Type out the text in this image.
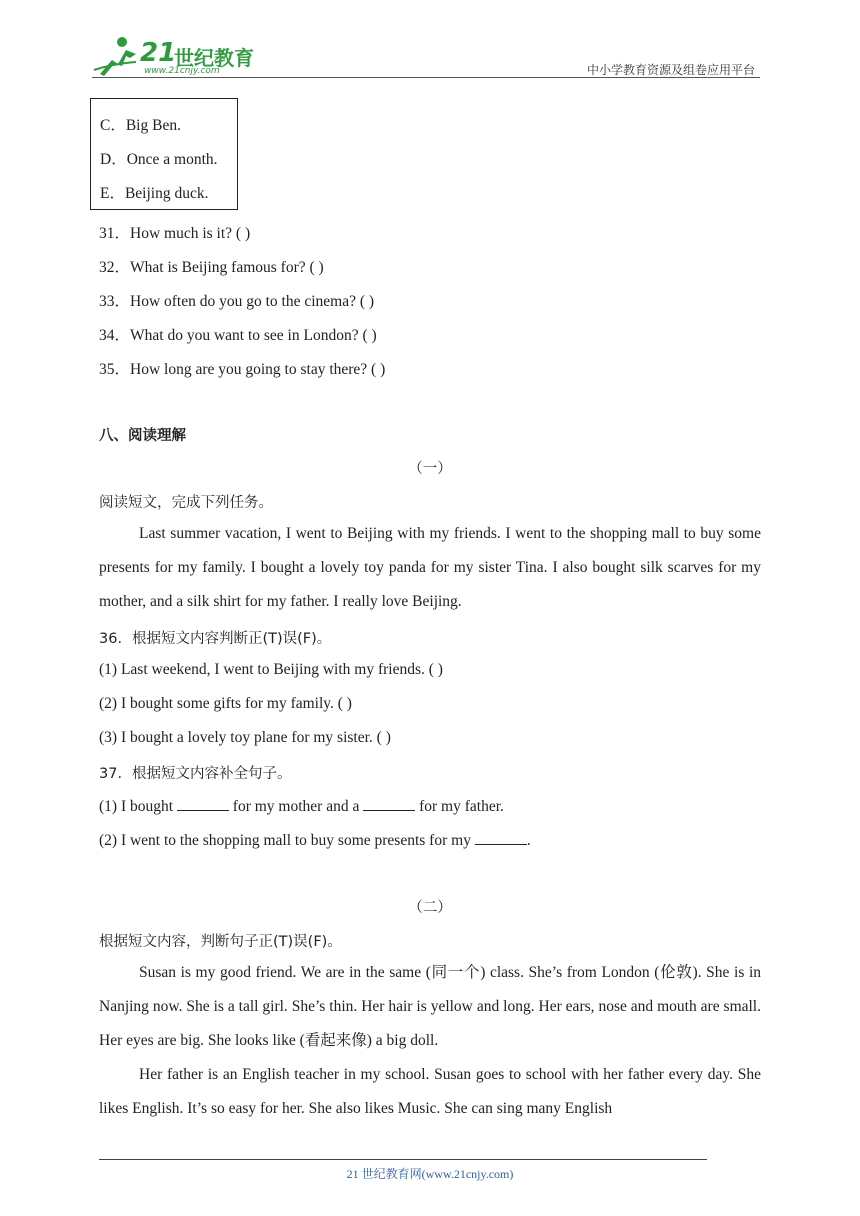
21
世纪教育
www.21cnjy.com	中小学教育资源及组卷应用平台
C．Big Ben.
D．Once a month.
E．Beijing duck.
31．How much is it? ( )
32．What is Beijing famous for? ( )
33．How often do you go to the cinema? ( )
34．What do you want to see in London? ( )
35．How long are you going to stay there? ( )
八、阅读理解
（一）
阅读短文，完成下列任务。
Last summer vacation, I went to Beijing with my friends. I went to the shopping mall to buy some presents for my family. I bought a lovely toy panda for my sister Tina. I also bought silk scarves for my mother, and a silk shirt for my father. I really love Beijing.
36．根据短文内容判断正(T)误(F)。
(1) Last weekend, I went to Beijing with my friends. ( )
(2) I bought some gifts for my family. ( )
(3) I bought a lovely toy plane for my sister. ( )
37．根据短文内容补全句子。
(1) I bought	for my mother and a	for my father.
(2) I went to the shopping mall to buy some presents for my	.
（二）
根据短文内容，判断句子正(T)误(F)。
Susan is my good friend. We are in the same (同一个) class. She’s from London (伦敦). She is in Nanjing now. She is a tall girl. She’s thin. Her hair is yellow and long. Her ears, nose and mouth are small. Her eyes are big. She looks like (看起来像) a big doll.
Her father is an English teacher in my school. Susan goes to school with her father every day. She likes English. It’s so easy for her. She also likes Music. She can sing many English
21 世纪教育网(www.21cnjy.com)
